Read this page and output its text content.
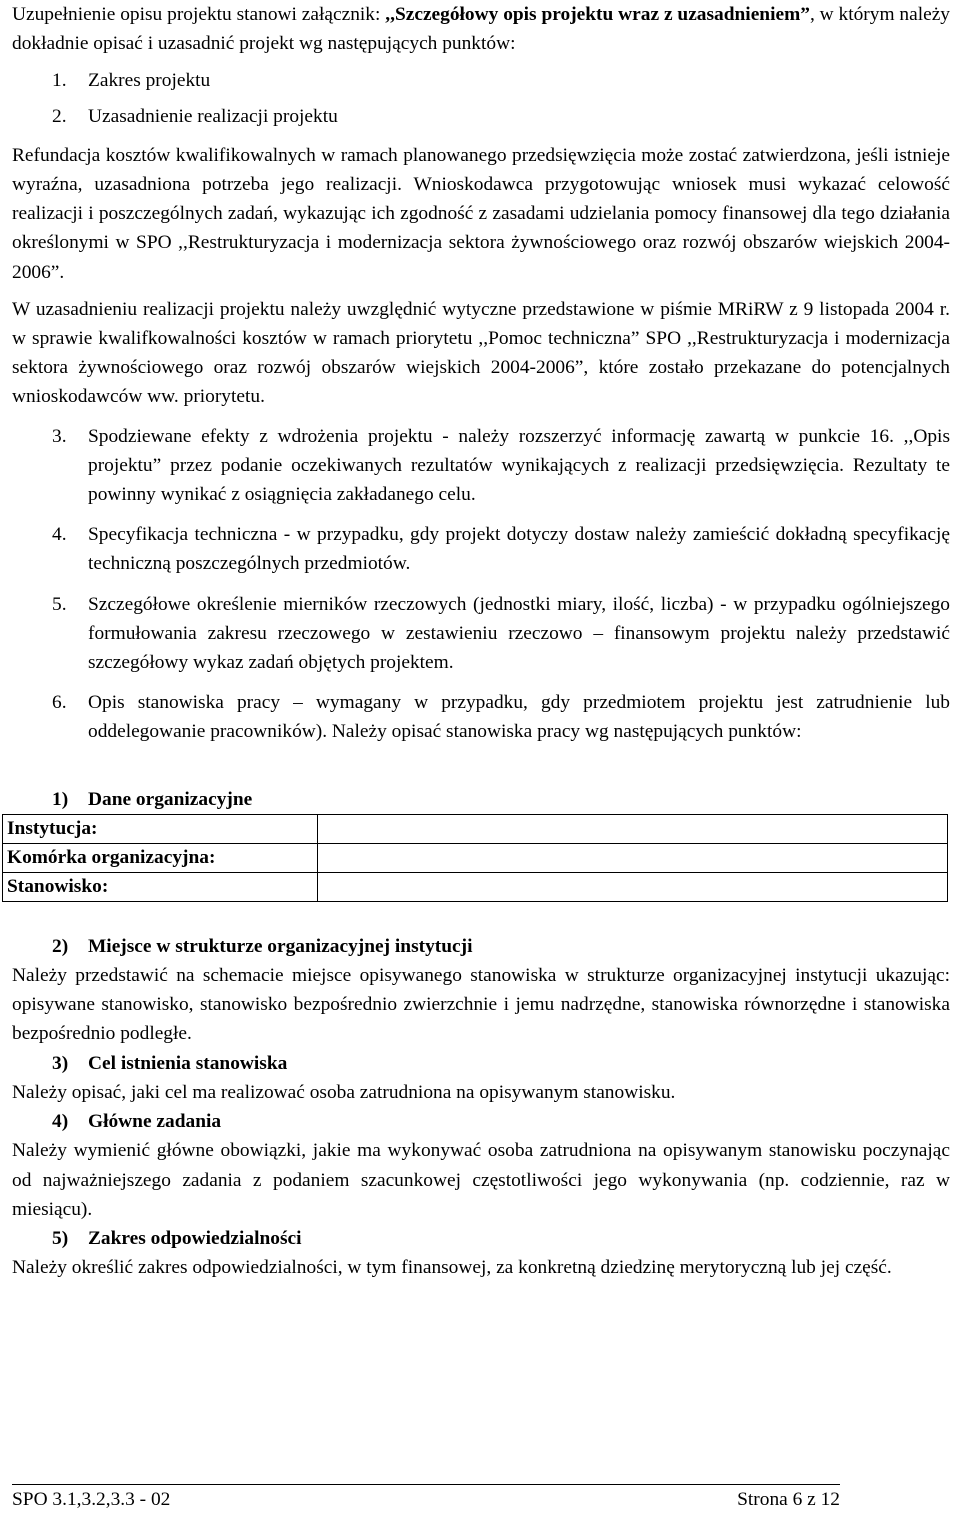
Uzupełnienie opisu projektu stanowi załącznik: ,,Szczegółowy opis projektu wraz z uzasadnieniem”, w którym należy dokładnie opisać i uzasadnić projekt wg następujących punktów:

1. Zakres projektu
2. Uzasadnienie realizacji projektu

Refundacja kosztów kwalifikowalnych w ramach planowanego przedsięwzięcia może zostać zatwierdzona, jeśli istnieje wyraźna, uzasadniona potrzeba jego realizacji. Wnioskodawca przygotowując wniosek musi wykazać celowość realizacji i poszczególnych zadań, wykazując ich zgodność z zasadami udzielania pomocy finansowej dla tego działania określonymi w SPO ,,Restrukturyzacja i modernizacja sektora żywnościowego oraz rozwój obszarów wiejskich 2004-2006”.

W uzasadnieniu realizacji projektu należy uwzględnić wytyczne przedstawione w piśmie MRiRW z 9 listopada 2004 r. w sprawie kwalifkowalności kosztów w ramach priorytetu ,,Pomoc techniczna” SPO ,,Restrukturyzacja i modernizacja sektora żywnościowego oraz rozwój obszarów wiejskich 2004-2006”, które zostało przekazane do potencjalnych wnioskodawców ww. priorytetu.

3. Spodziewane efekty z wdrożenia projektu - należy rozszerzyć informację zawartą w punkcie 16. ,,Opis projektu” przez podanie oczekiwanych rezultatów wynikających z realizacji przedsięwzięcia. Rezultaty te powinny wynikać z osiągnięcia zakładanego celu.
4. Specyfikacja techniczna - w przypadku, gdy projekt dotyczy dostaw należy zamieścić dokładną specyfikację techniczną poszczególnych przedmiotów.
5. Szczegółowe określenie mierników rzeczowych (jednostki miary, ilość, liczba) - w przypadku ogólniejszego formułowania zakresu rzeczowego w zestawieniu rzeczowo – finansowym projektu należy przedstawić szczegółowy wykaz zadań objętych projektem.
6. Opis stanowiska pracy – wymagany w przypadku, gdy przedmiotem projektu jest zatrudnienie lub oddelegowanie pracowników). Należy opisać stanowiska pracy wg następujących punktów:
1) Dane organizacyjne
Instytucja:	
Komórka organizacyjna:	
Stanowisko:	
2) Miejsce w strukturze organizacyjnej instytucji

Należy przedstawić na schemacie miejsce opisywanego stanowiska w strukturze organizacyjnej instytucji ukazując: opisywane stanowisko, stanowisko bezpośrednio zwierzchnie i jemu nadrzędne, stanowiska równorzędne i stanowiska bezpośrednio podległe.

3) Cel istnienia stanowiska

Należy opisać, jaki cel ma realizować osoba zatrudniona na opisywanym stanowisku.

4) Główne zadania

Należy wymienić główne obowiązki, jakie ma wykonywać osoba zatrudniona na opisywanym stanowisku poczynając od najważniejszego zadania z podaniem szacunkowej częstotliwości jego wykonywania (np. codziennie, raz w miesiącu).

5) Zakres odpowiedzialności

Należy określić zakres odpowiedzialności, w tym finansowej, za konkretną dziedzinę merytoryczną lub jej część.

SPO 3.1,3.2,3.3 - 02	Strona 6 z 12
